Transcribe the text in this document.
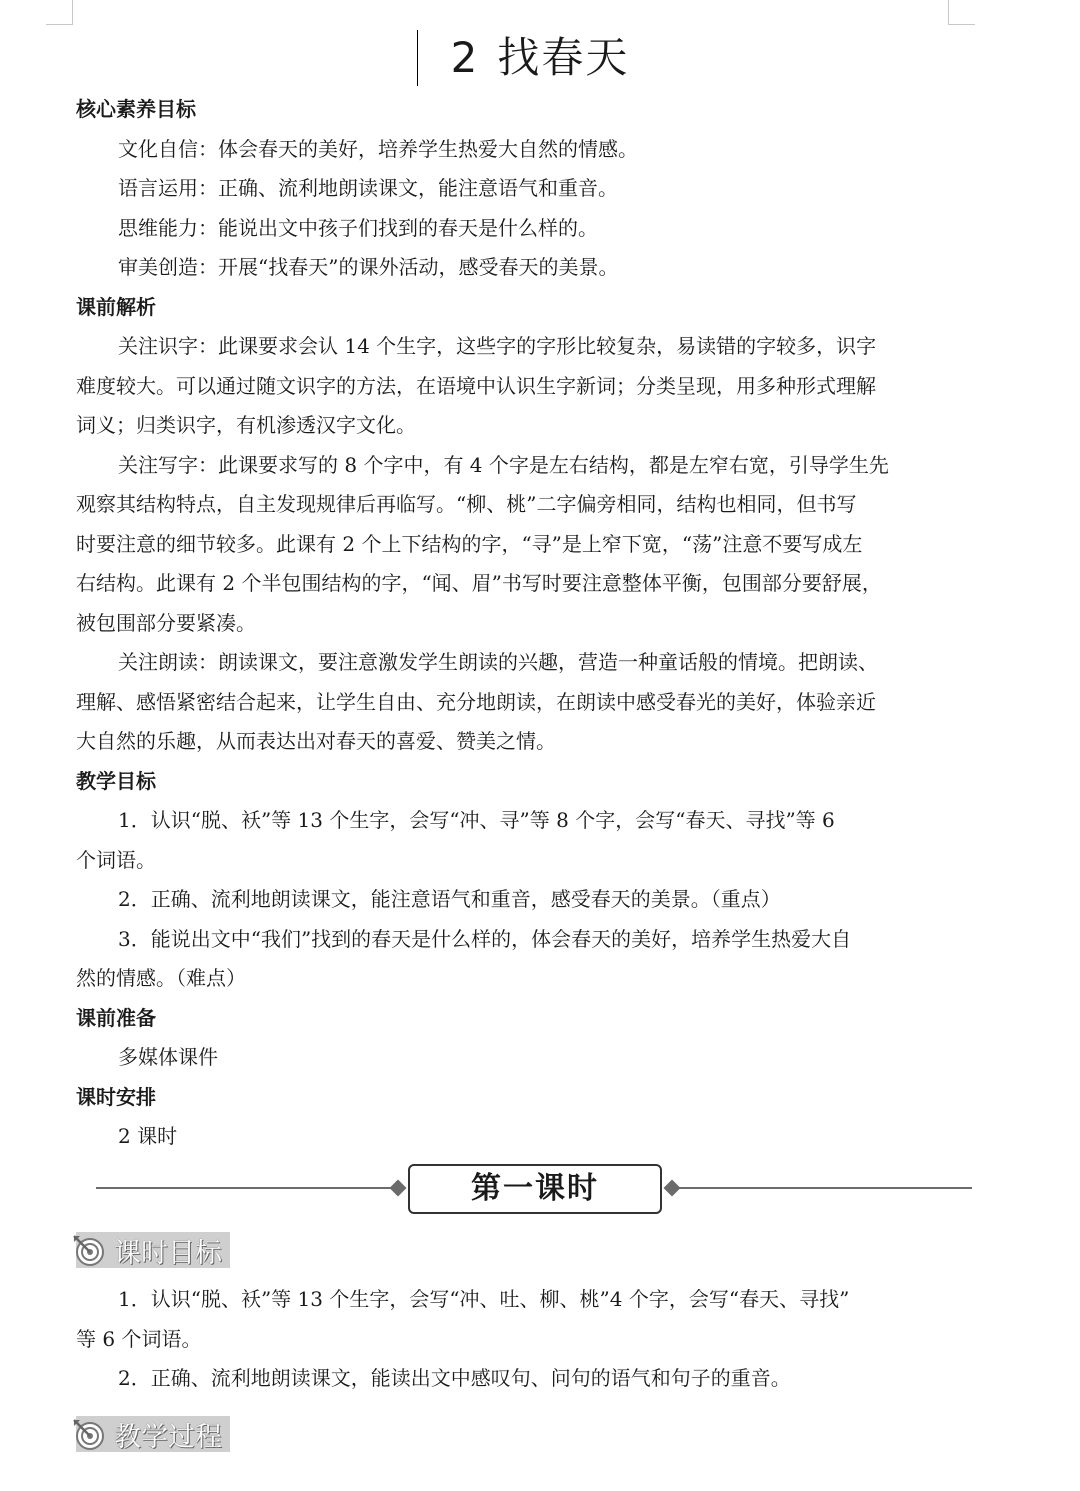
2 找春天
核心素养目标
文化自信：体会春天的美好，培养学生热爱大自然的情感。
语言运用：正确、流利地朗读课文，能注意语气和重音。
思维能力：能说出文中孩子们找到的春天是什么样的。
审美创造：开展“找春天”的课外活动，感受春天的美景。
课前解析
关注识字：此课要求会认 14 个生字，这些字的字形比较复杂，易读错的字较多，识字
难度较大。可以通过随文识字的方法，在语境中认识生字新词；分类呈现，用多种形式理解
词义；归类识字，有机渗透汉字文化。
关注写字：此课要求写的 8 个字中，有 4 个字是左右结构，都是左窄右宽，引导学生先
观察其结构特点，自主发现规律后再临写。“柳、桃”二字偏旁相同，结构也相同，但书写
时要注意的细节较多。此课有 2 个上下结构的字，“寻”是上窄下宽，“荡”注意不要写成左
右结构。此课有 2 个半包围结构的字，“闻、眉”书写时要注意整体平衡，包围部分要舒展，
被包围部分要紧凑。
关注朗读：朗读课文，要注意激发学生朗读的兴趣，营造一种童话般的情境。把朗读、
理解、感悟紧密结合起来，让学生自由、充分地朗读，在朗读中感受春光的美好，体验亲近
大自然的乐趣，从而表达出对春天的喜爱、赞美之情。
教学目标
1．认识“脱、袄”等 13 个生字，会写“冲、寻”等 8 个字，会写“春天、寻找”等 6
个词语。
2．正确、流利地朗读课文，能注意语气和重音，感受春天的美景。（重点）
3．能说出文中“我们”找到的春天是什么样的，体会春天的美好，培养学生热爱大自
然的情感。（难点）
课前准备
多媒体课件
课时安排
2 课时
第一课时
课时目标
1．认识“脱、袄”等 13 个生字，会写“冲、吐、柳、桃”4 个字，会写“春天、寻找”
等 6 个词语。
2．正确、流利地朗读课文，能读出文中感叹句、问句的语气和句子的重音。
教学过程
